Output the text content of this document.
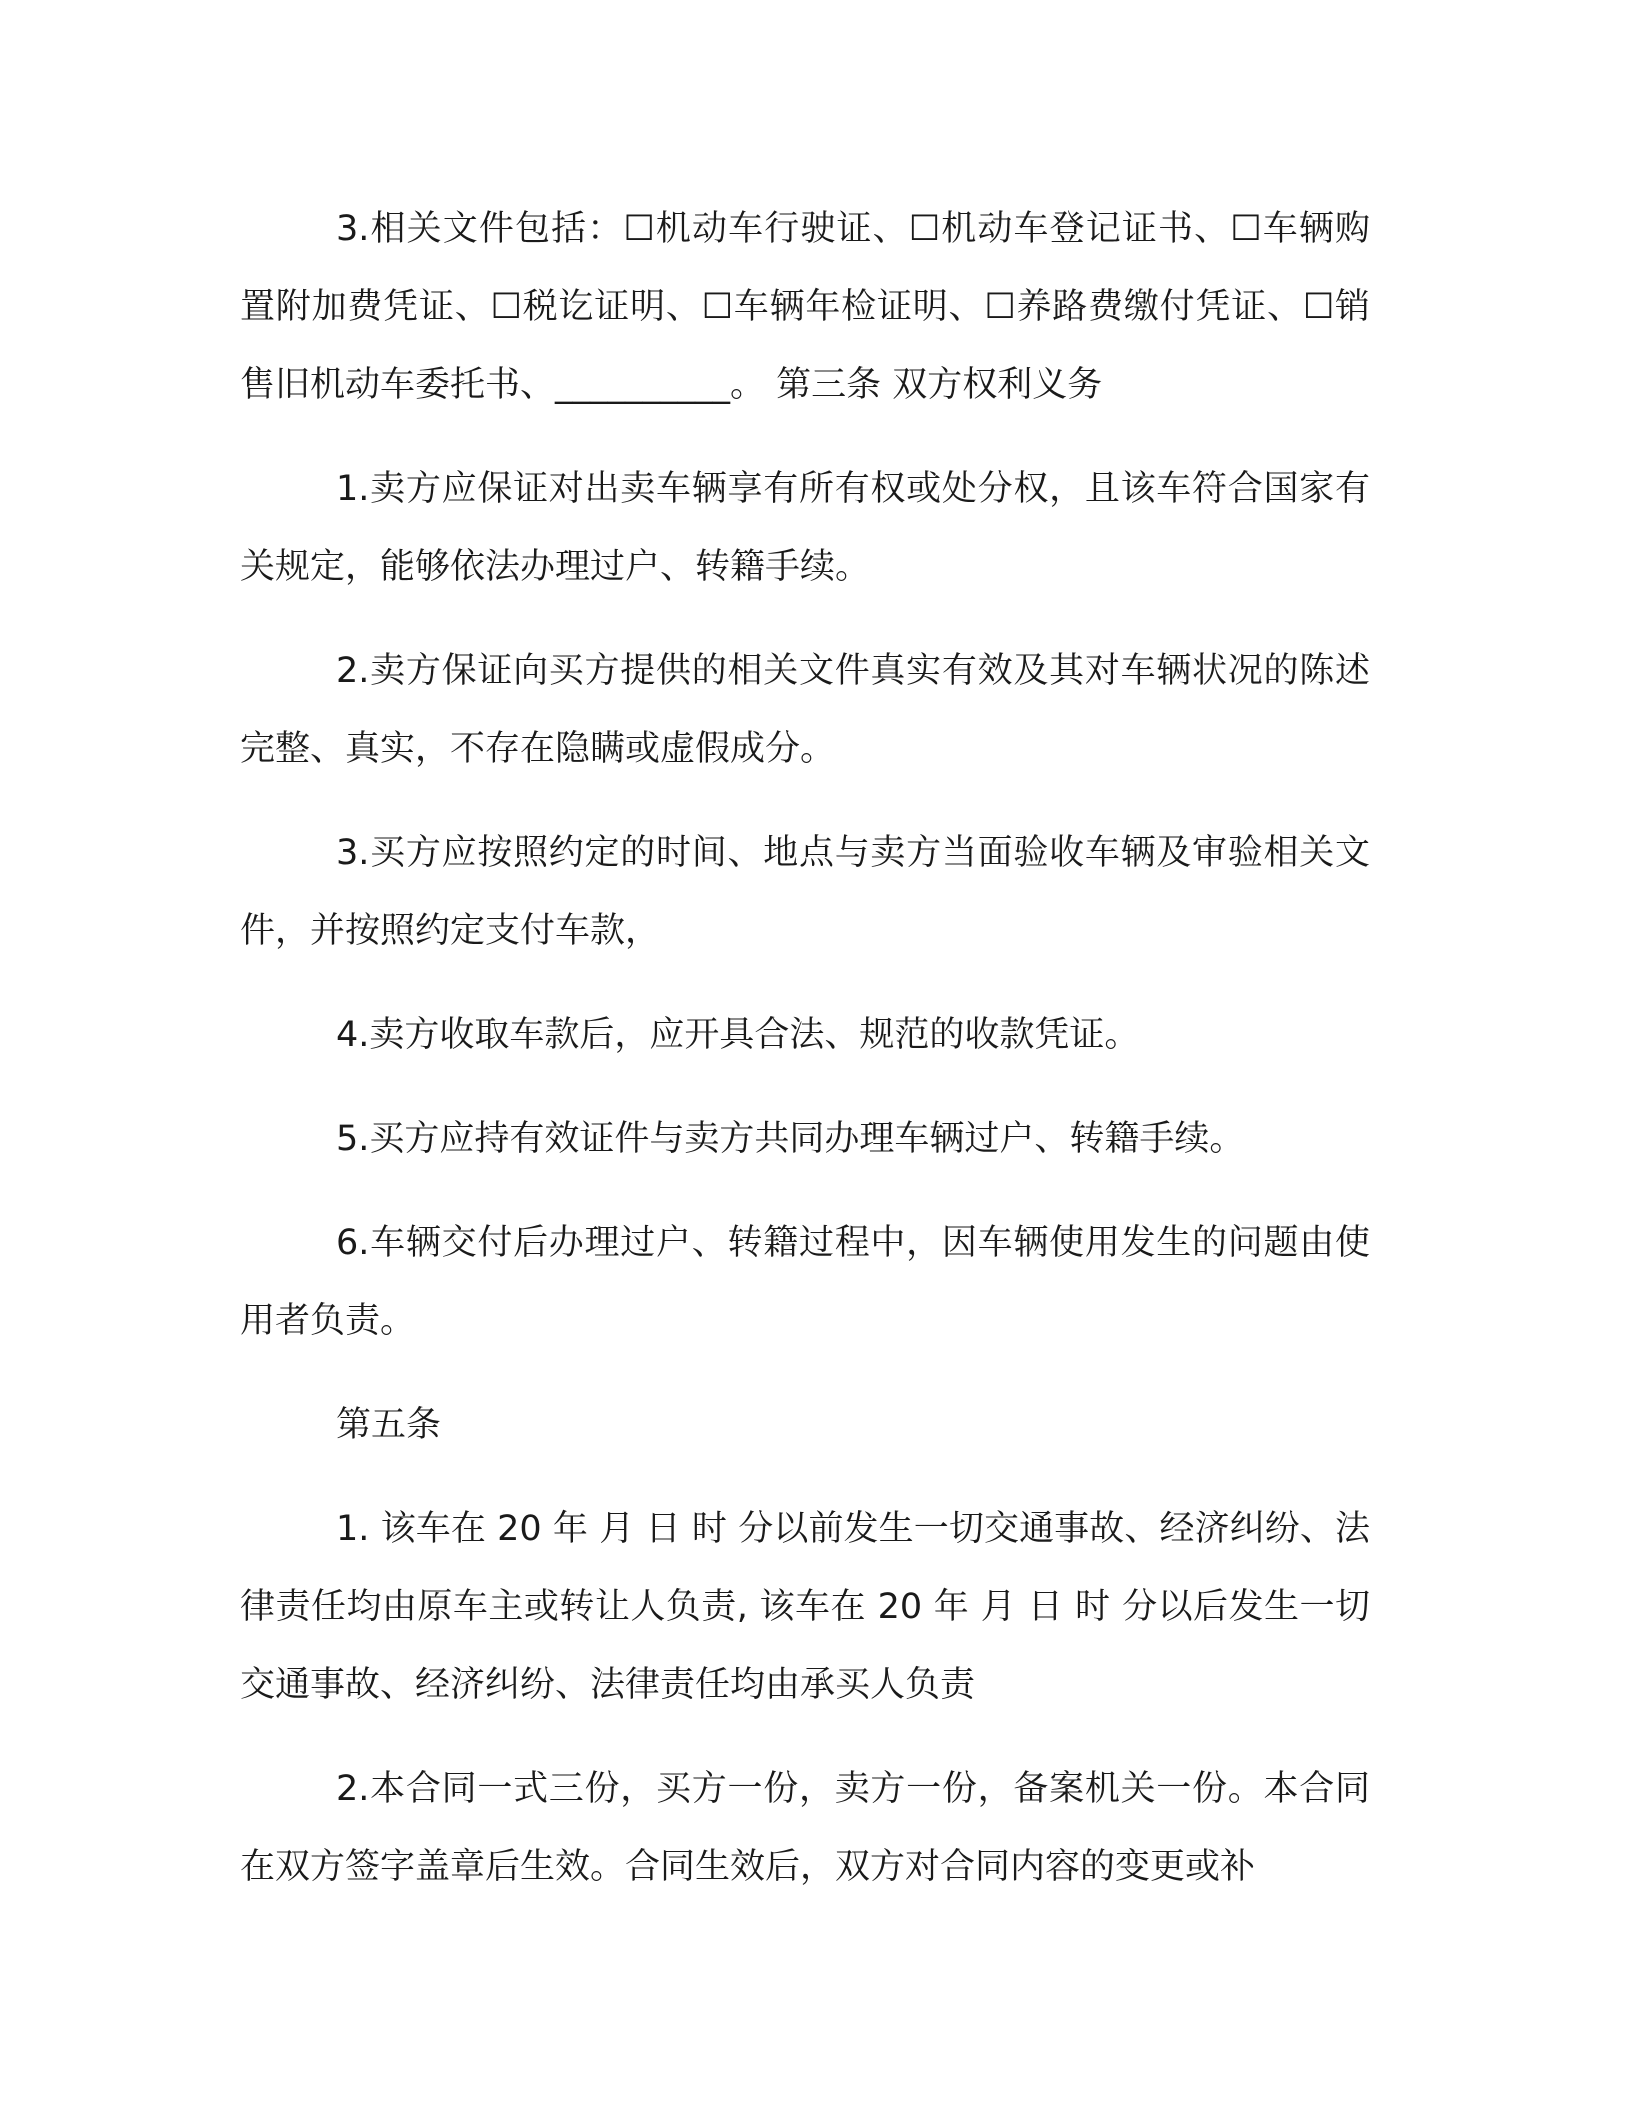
3.相关文件包括：☐机动车行驶证、☐机动车登记证书、☐车辆购置附加费凭证、☐税讫证明、☐车辆年检证明、☐养路费缴付凭证、☐销售旧机动车委托书、__________。 第三条 双方权利义务

1.卖方应保证对出卖车辆享有所有权或处分权，且该车符合国家有关规定，能够依法办理过户、转籍手续。

2.卖方保证向买方提供的相关文件真实有效及其对车辆状况的陈述完整、真实，不存在隐瞒或虚假成分。

3.买方应按照约定的时间、地点与卖方当面验收车辆及审验相关文件，并按照约定支付车款，

4.卖方收取车款后，应开具合法、规范的收款凭证。

5.买方应持有效证件与卖方共同办理车辆过户、转籍手续。

6.车辆交付后办理过户、转籍过程中，因车辆使用发生的问题由使用者负责。

第五条

1. 该车在 20 年 月 日 时 分以前发生一切交通事故、经济纠纷、法律责任均由原车主或转让人负责, 该车在 20 年 月 日 时 分以后发生一切交通事故、经济纠纷、法律责任均由承买人负责

2.本合同一式三份，买方一份，卖方一份，备案机关一份。本合同在双方签字盖章后生效。合同生效后，双方对合同内容的变更或补
